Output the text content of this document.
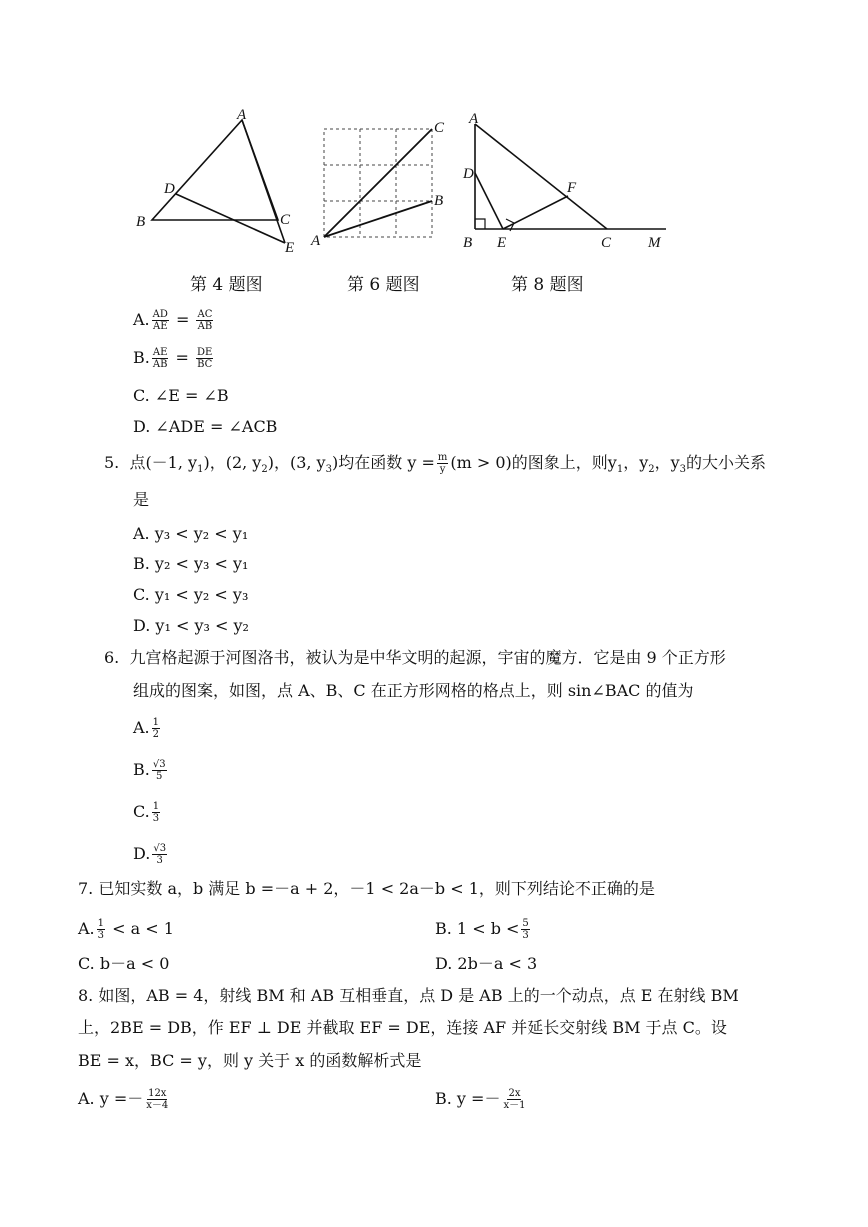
A
B	C
D
E
第 4 题图
A
B
C
第 6 题图
A
D
B E	C M
F
第 8 题图
A. $\frac{AD}{AE} = \frac{AC}{AB}$
B. $\frac{AE}{AB} = \frac{DE}{BC}$
C. ∠E = ∠B
D. ∠ADE = ∠ACB
5. 点(－1, $y_1$)，(2, $y_2$)，(3, $y_3$)均在函数 $y = \frac{m}{y} (m > 0)$的图象上，则$y_1$，$y_2$，$y_3$的大小关系
是
A. y₃ < y₂ < y₁
B. y₂ < y₃ < y₁
C. y₁ < y₂ < y₃
D. y₁ < y₃ < y₂
6. 九宫格起源于河图洛书，被认为是中华文明的起源，宇宙的魔方．它是由 9 个正方形
组成的图案，如图，点 A、B、C 在正方形网格的格点上，则 sin∠BAC 的值为
A. $\frac{1}{2}$
B. $\frac{√3}{5}$
C. $\frac{1}{3}$
D. $\frac{√3}{3}$
7. 已知实数 a，b 满足 b =－a + 2，－1 < 2a－b < 1，则下列结论不正确的是
A. $\frac{1}{3} < a < 1$	B. $1 < b < \frac{5}{3}$
C. b－a < 0	D. 2b－a < 3
8. 如图，AB = 4，射线 BM 和 AB 互相垂直，点 D 是 AB 上的一个动点，点 E 在射线 BM
上，2BE = DB，作 EF ⊥ DE 并截取 EF = DE，连接 AF 并延长交射线 BM 于点 C。设
BE = x，BC = y，则 y 关于 x 的函数解析式是
A. $y =- \frac{12x}{x-4}$	B. $y =- \frac{2x}{x-1}$
